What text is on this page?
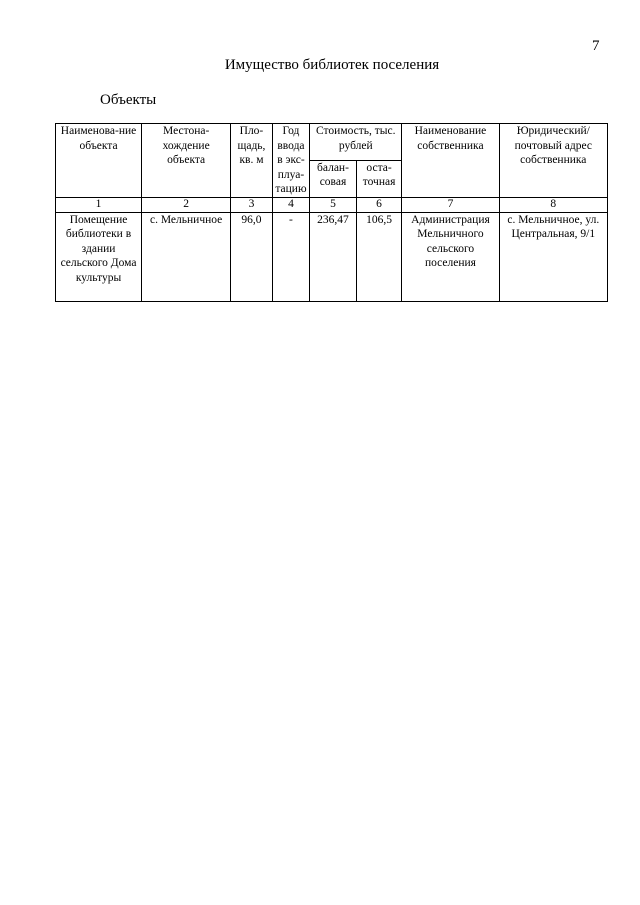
7
Имущество библиотек поселения
Объекты
Наименова-ние объекта	Местона-хождение объекта	Пло-щадь, кв. м	Год ввода в экс-плуа-тацию	Стоимость, тыс. рублей		Наименование собственника	Юридический/ почтовый адрес собственника
				балан-совая	оста-точная		
1	2	3	4	5	6	7	8
Помещение библиотеки в здании сельского Дома культуры	с. Мельничное	96,0	-	236,47	106,5	Администрация Мельничного сельского поселения	с. Мельничное, ул. Центральная, 9/1
